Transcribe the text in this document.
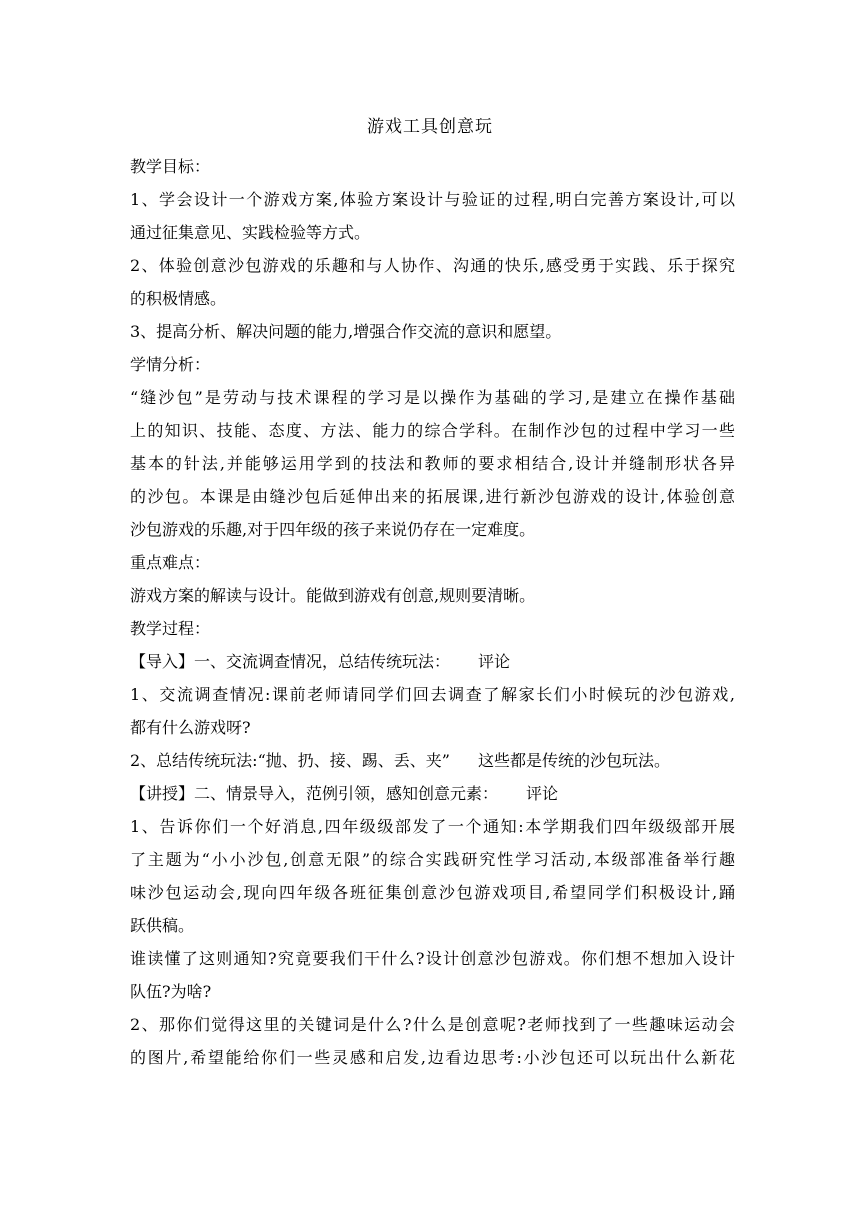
游戏工具创意玩
教学目标：
1、学会设计一个游戏方案,体验方案设计与验证的过程,明白完善方案设计,可以
通过征集意见、实践检验等方式。
2、体验创意沙包游戏的乐趣和与人协作、沟通的快乐,感受勇于实践、乐于探究
的积极情感。
3、提高分析、解决问题的能力,增强合作交流的意识和愿望。
学情分析：
“缝沙包”是劳动与技术课程的学习是以操作为基础的学习,是建立在操作基础
上的知识、技能、态度、方法、能力的综合学科。在制作沙包的过程中学习一些
基本的针法,并能够运用学到的技法和教师的要求相结合,设计并缝制形状各异
的沙包。本课是由缝沙包后延伸出来的拓展课,进行新沙包游戏的设计,体验创意
沙包游戏的乐趣,对于四年级的孩子来说仍存在一定难度。
重点难点：
游戏方案的解读与设计。能做到游戏有创意,规则要清晰。
教学过程：
【导入】一、交流调查情况，总结传统玩法： 评论
1、交流调查情况:课前老师请同学们回去调查了解家长们小时候玩的沙包游戏,
都有什么游戏呀?
2、总结传统玩法:“抛、扔、接、踢、丢、夹” 这些都是传统的沙包玩法。
【讲授】二、情景导入，范例引领，感知创意元素： 评论
1、告诉你们一个好消息,四年级级部发了一个通知:本学期我们四年级级部开展
了主题为“小小沙包,创意无限”的综合实践研究性学习活动,本级部准备举行趣
味沙包运动会,现向四年级各班征集创意沙包游戏项目,希望同学们积极设计,踊
跃供稿。
谁读懂了这则通知?究竟要我们干什么?设计创意沙包游戏。你们想不想加入设计
队伍?为啥?
2、那你们觉得这里的关键词是什么?什么是创意呢?老师找到了一些趣味运动会
的图片,希望能给你们一些灵感和启发,边看边思考:小沙包还可以玩出什么新花
